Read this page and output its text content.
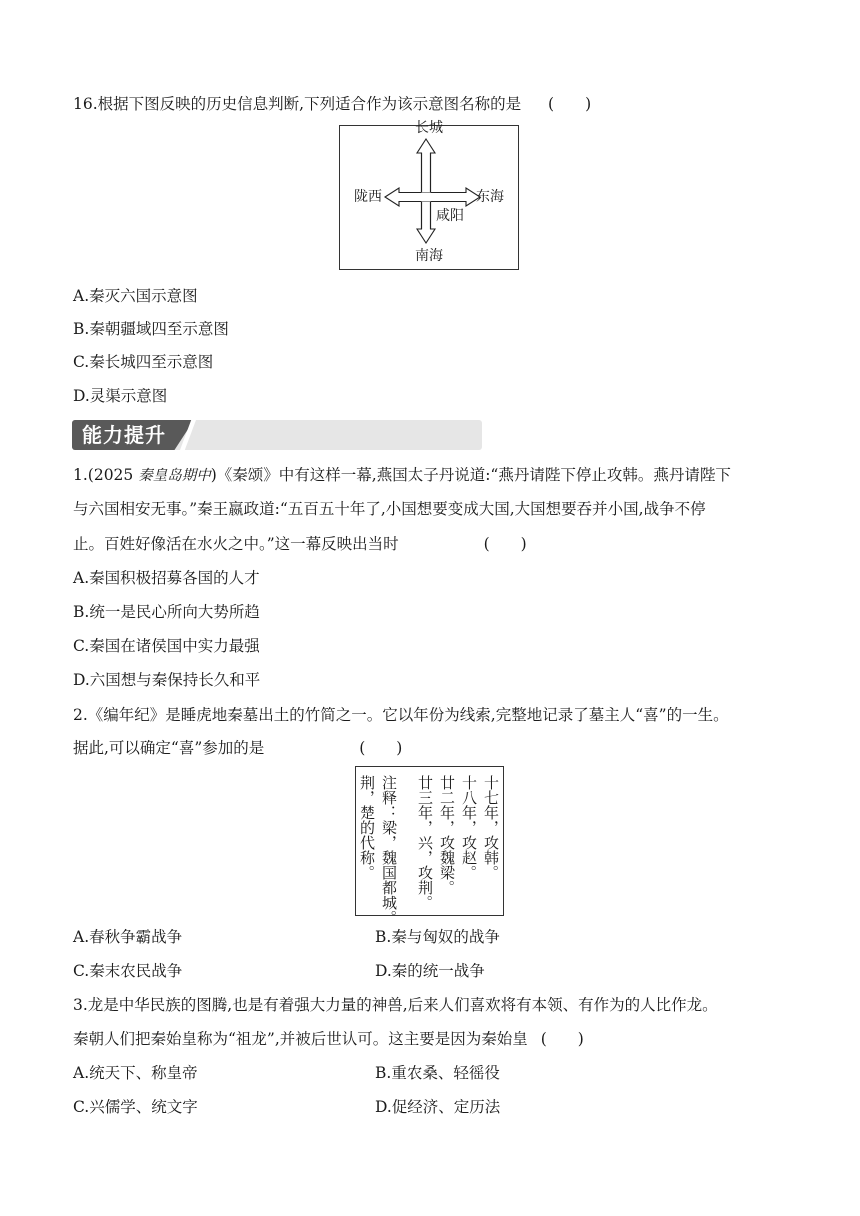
16.根据下图反映的历史信息判断,下列适合作为该示意图名称的是 (　　)
长城
南海
陇西	东海
咸阳
A.秦灭六国示意图
B.秦朝疆域四至示意图
C.秦长城四至示意图
D.灵渠示意图
能力提升
1.(2025 秦皇岛期中)《秦颂》中有这样一幕,燕国太子丹说道:“燕丹请陛下停止攻韩。燕丹请陛下
与六国相安无事。”秦王嬴政道:“五百五十年了,小国想要变成大国,大国想要吞并小国,战争不停
止。百姓好像活在水火之中。”这一幕反映出当时	(　　)
A.秦国积极招募各国的人才
B.统一是民心所向大势所趋
C.秦国在诸侯国中实力最强
D.六国想与秦保持长久和平
2.《编年纪》是睡虎地秦墓出土的竹简之一。它以年份为线索,完整地记录了墓主人“喜”的一生。
据此,可以确定“喜”参加的是	(　　)
十七年，攻韩。
十八年，攻赵。
廿二年，攻魏梁。
廿三年，兴，攻荆。
注释：梁，魏国都城。
荆，楚的代称。
A.春秋争霸战争	B.秦与匈奴的战争
C.秦末农民战争	D.秦的统一战争
3.龙是中华民族的图腾,也是有着强大力量的神兽,后来人们喜欢将有本领、有作为的人比作龙。
秦朝人们把秦始皇称为“祖龙”,并被后世认可。这主要是因为秦始皇 (　　)
A.统天下、称皇帝	B.重农桑、轻徭役
C.兴儒学、统文字	D.促经济、定历法
